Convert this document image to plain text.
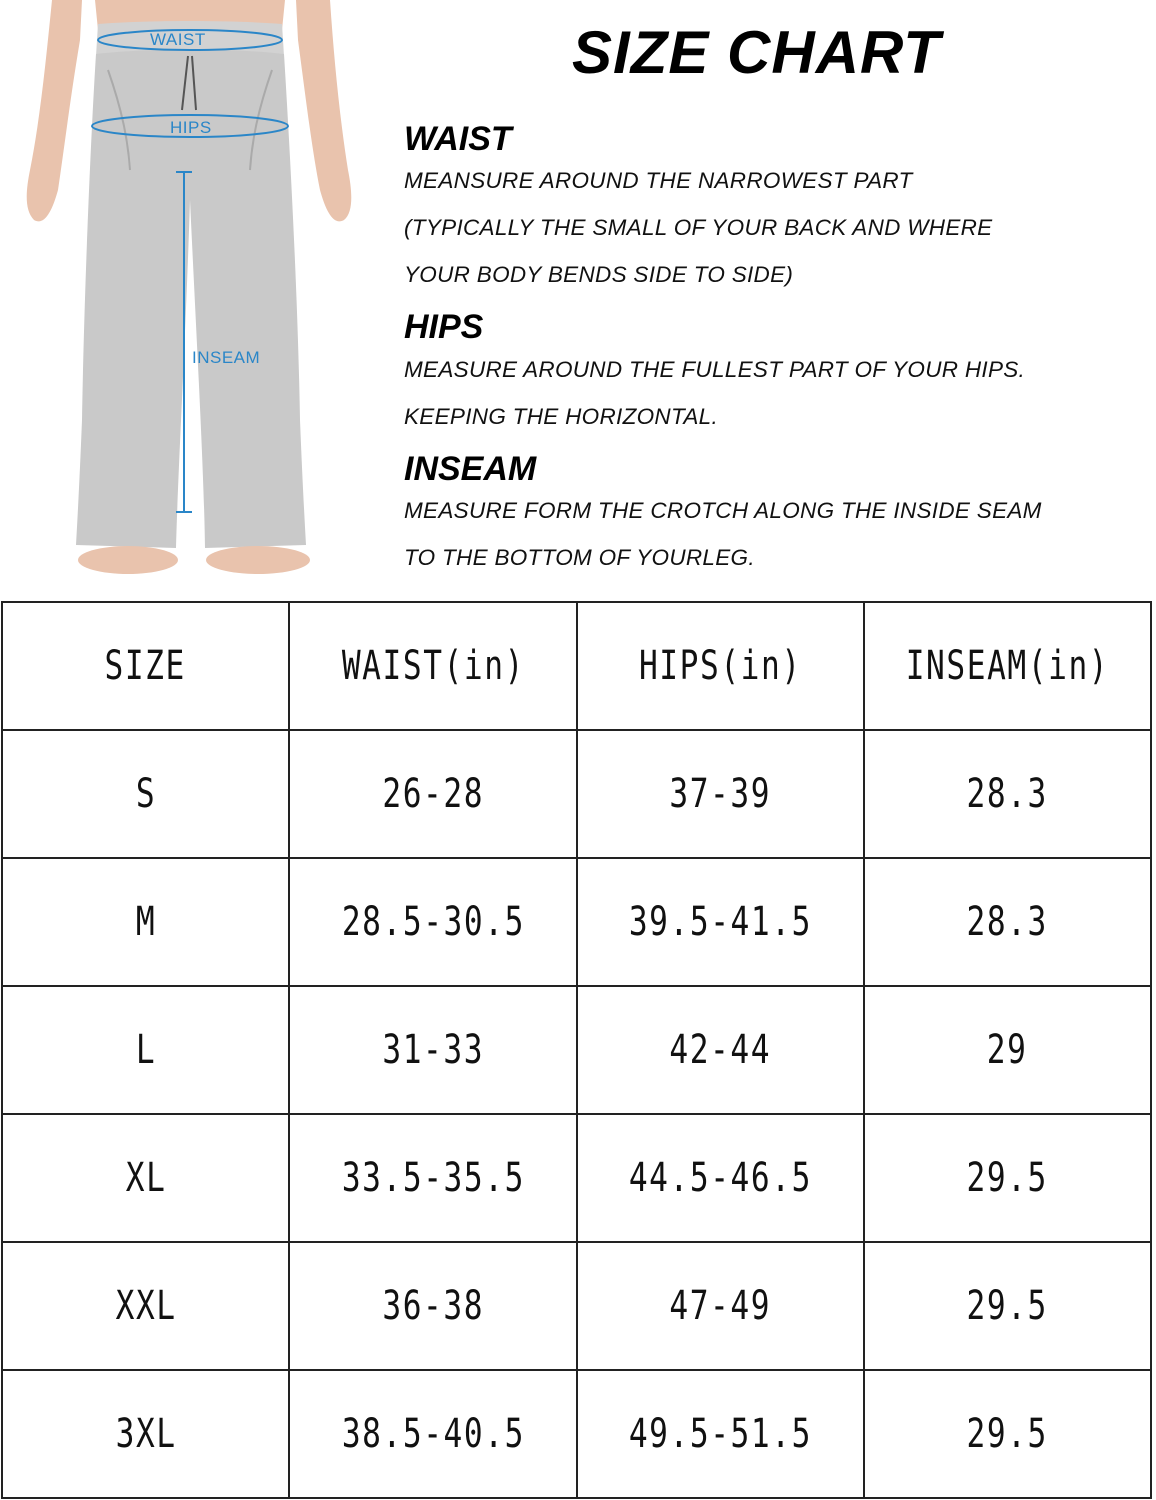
WAIST
HIPS
INSEAM
SIZE CHART
WAIST

MEANSURE AROUND THE NARROWEST PART

(TYPICALLY THE SMALL OF YOUR BACK AND WHERE

YOUR BODY BENDS SIDE TO SIDE)

HIPS

MEASURE AROUND THE FULLEST PART OF YOUR HIPS.

KEEPING THE HORIZONTAL.

INSEAM

MEASURE FORM THE CROTCH ALONG THE INSIDE SEAM

TO THE BOTTOM OF YOURLEG.

SIZE	WAIST(in)	HIPS(in)	INSEAM(in)
S	26-28	37-39	28.3
M	28.5-30.5	39.5-41.5	28.3
L	31-33	42-44	29
XL	33.5-35.5	44.5-46.5	29.5
XXL	36-38	47-49	29.5
3XL	38.5-40.5	49.5-51.5	29.5
